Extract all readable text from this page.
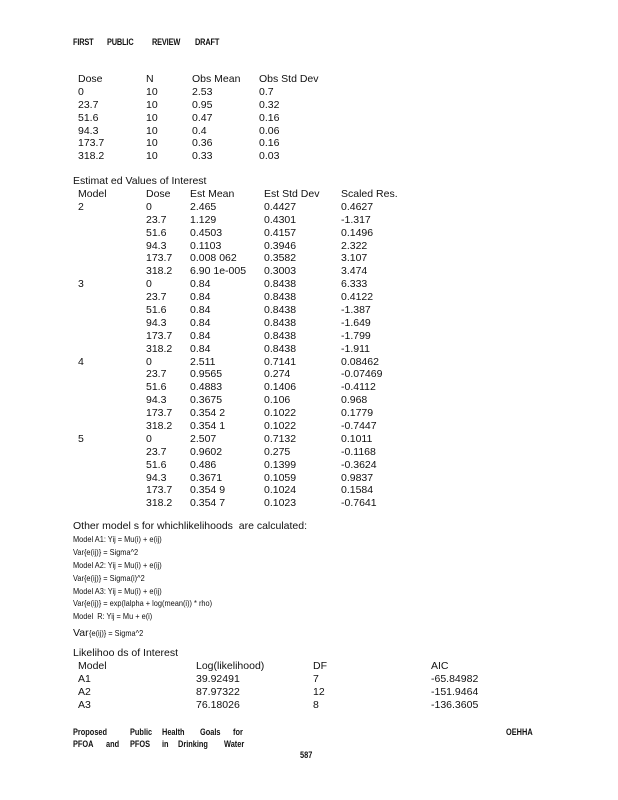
FIRST PUBLIC REVIEW DRAFT
Dose
0
23.7
51.6
94.3
173.7
318.2
N
10
10
10
10
10
10
Obs Mean
2.53
0.95
0.47
0.4
0.36
0.33
Obs Std Dev
0.7
0.32
0.16
0.06
0.16
0.03
Estimat ed Values of Interest
Model
2
3
4
5
Dose
0
23.7
51.6
94.3
173.7
318.2
0
23.7
51.6
94.3
173.7
318.2
0
23.7
51.6
94.3
173.7
318.2
0
23.7
51.6
94.3
173.7
318.2
Est Mean
2.465
1.129
0.4503
0.1103
0.008 062
6.90 1e-005
0.84
0.84
0.84
0.84
0.84
0.84
2.511
0.9565
0.4883
0.3675
0.354 2
0.354 1
2.507
0.9602
0.486
0.3671
0.354 9
0.354 7
Est Std Dev
0.4427
0.4301
0.4157
0.3946
0.3582
0.3003
0.8438
0.8438
0.8438
0.8438
0.8438
0.8438
0.7141
0.274
0.1406
0.106
0.1022
0.1022
0.7132
0.275
0.1399
0.1059
0.1024
0.1023
Scaled Res.
0.4627
-1.317
0.1496
2.322
3.107
3.474
6.333
0.4122
-1.387
-1.649
-1.799
-1.911
0.08462
-0.07469
-0.4112
0.968
0.1779
-0.7447
0.1011
-0.1168
-0.3624
0.9837
0.1584
-0.7641
Other model s for whichlikelihoods  are calculated:
Model A1: Yij = Mu(i) + e(ij)
Var{e(ij)} = Sigma^2
Model A2: Yij = Mu(i) + e(ij)
Var{e(ij)} = Sigma(i)^2
Model A3: Yij = Mu(i) + e(ij)
Var{e(ij)} = exp(lalpha + log(mean(i)) * rho)
Model  R: Yij = Mu + e(i)
Var{e(ij)} = Sigma^2
Likelihoo ds of Interest
Model
A1
A2
A3
Log(likelihood)
39.92491
87.97322
76.18026
DF
7
12
8
AIC
-65.84982
-151.9464
-136.3605
Proposed	Public Health Goals for
PFOA and PFOS in Drinking Water
OEHHA
587
